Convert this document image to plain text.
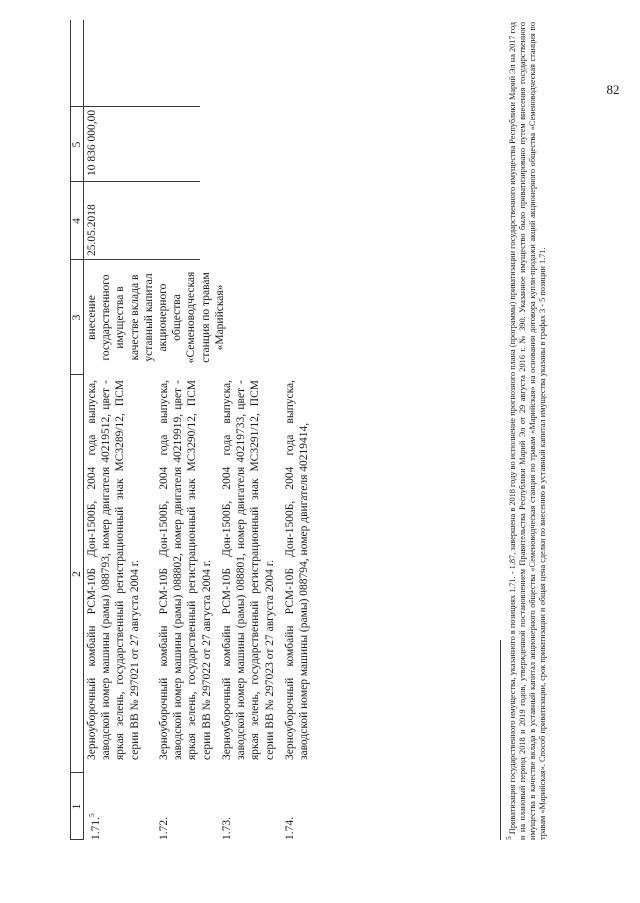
82
1
2
3
4
5
1.71.$^5$
Зерноуборочный комбайн РСМ-10Б Дон-1500Б, 2004 года выпуска, заводской номер машины (рамы) 088793, номер двигателя 40219512, цвет - яркая зелень, государственный регистрационный знак МС3289/12, ПСМ серии ВВ № 297021 от 27 августа 2004 г.
внесение государственного имущества в качестве вклада в уставный капитал акционерного общества «Семеноводческая станция по травам «Марийская»
25.05.2018
10 836 000,00
1.72.
Зерноуборочный комбайн РСМ-10Б Дон-1500Б, 2004 года выпуска, заводской номер машины (рамы) 088802, номер двигателя 40219919, цвет - яркая зелень, государственный регистрационный знак МС3290/12, ПСМ серии ВВ № 297022 от 27 августа 2004 г.
1.73.
Зерноуборочный комбайн РСМ-10Б Дон-1500Б, 2004 года выпуска, заводской номер машины (рамы) 088801, номер двигателя 40219733, цвет - яркая зелень, государственный регистрационный знак МС3291/12, ПСМ серии ВВ № 297023 от 27 августа 2004 г.
1.74.
Зерноуборочный комбайн РСМ-10Б Дон-1500Б, 2004 года выпуска, заводской номер машины (рамы) 088794, номер двигателя 40219414,
5 Приватизация государственного имущества, указанного в позициях 1.71. - 1.87, завершена в 2018 году во исполнение прогнозного плана (программы) приватизации государственного имущества Республики Марий Эл на 2017 год и на плановый период 2018 и 2019 годов, утвержденной постановлением Правительства Республики Марий Эл от 29 августа 2016 г. № 390. Указанное имущество было приватизировано путем внесения государственного имущества в качестве вклада в уставный капитал акционерного общества «Семеноводческая станция по травам «Марийская» на основании договора купли-продажи акций акционерного общества «Семеноводческая станция по травам «Марийская». Способ приватизации, срок приватизации и общая цена сделки по внесению в уставный капитал имущества указаны в графах 3 - 5 позиции 1.71.
